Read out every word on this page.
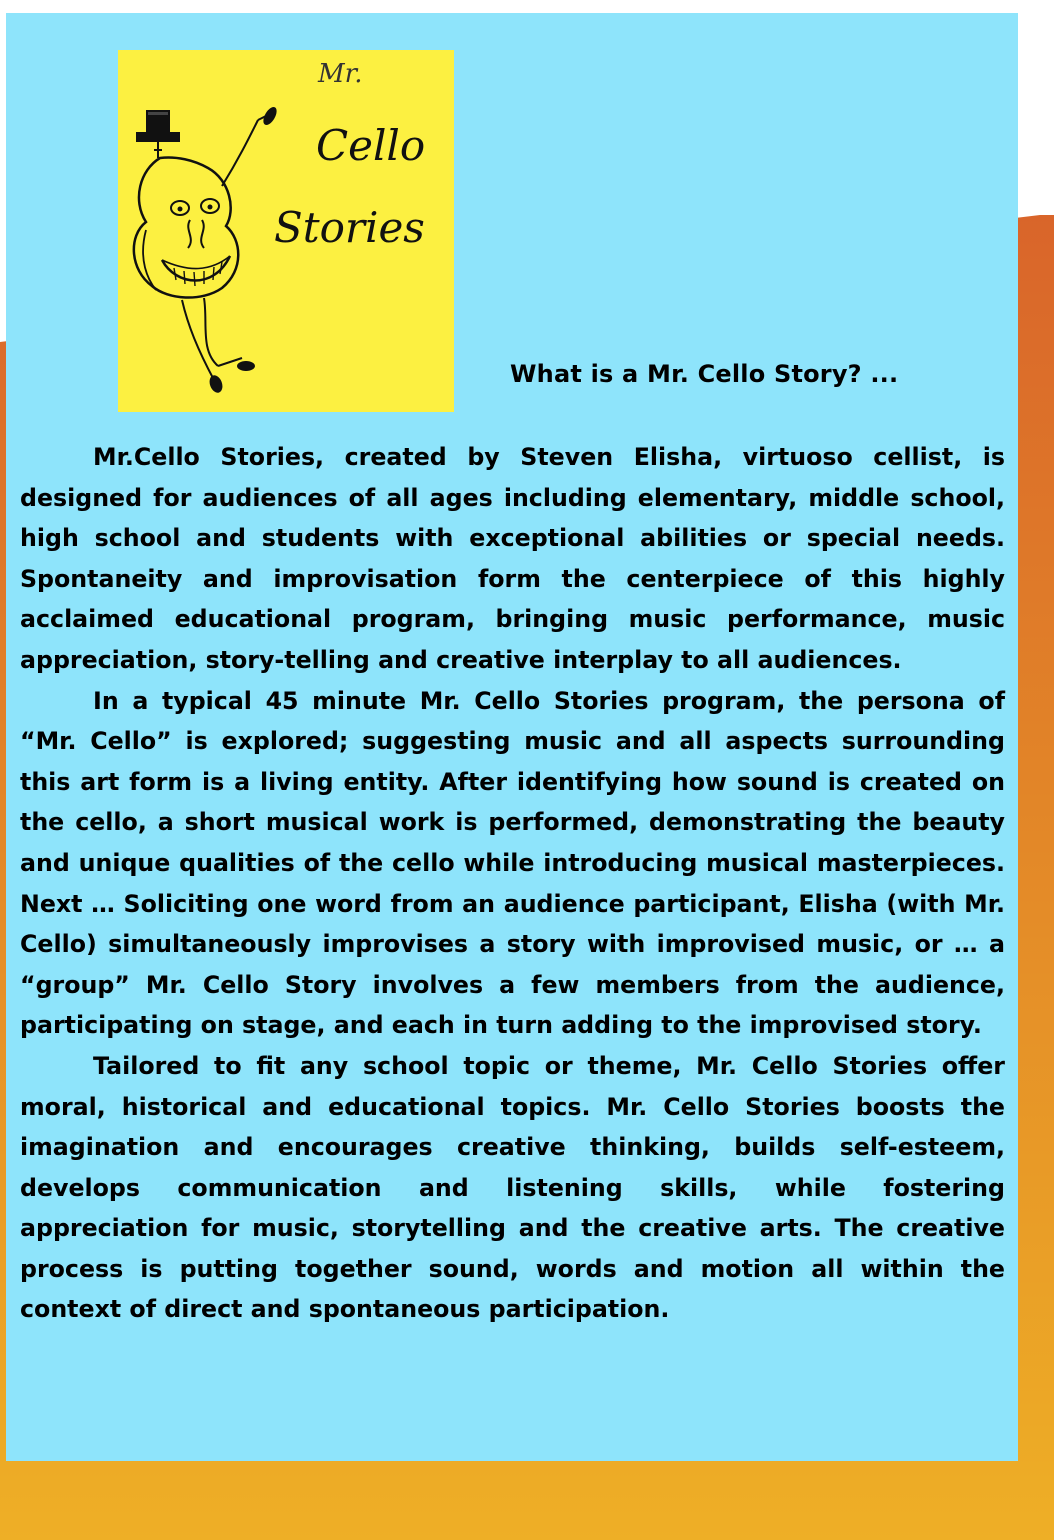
Mr.
Cello
Stories
What is a Mr. Cello Story? ...

Mr.Cello Stories, created by Steven Elisha, virtuoso cellist, is designed for audiences of all ages including elementary, middle school, high school and students with exceptional abilities or special needs. Spontaneity and improvisation form the centerpiece of this highly acclaimed educational program, bringing music performance, music appreciation, story-telling and creative interplay to all audiences.

In a typical 45 minute Mr. Cello Stories program, the persona of “Mr. Cello” is explored; suggesting music and all aspects surrounding this art form is a living entity. After identifying how sound is created on the cello, a short musical work is performed, demonstrating the beauty and unique qualities of the cello while introducing musical masterpieces. Next … Soliciting one word from an audience participant, Elisha (with Mr. Cello) simultaneously improvises a story with improvised music, or … a “group” Mr. Cello Story involves a few members from the audience, participating on stage, and each in turn adding to the improvised story.

Tailored to fit any school topic or theme, Mr. Cello Stories offer moral, historical and educational topics. Mr. Cello Stories boosts the imagination and encourages creative thinking, builds self-esteem, develops communication and listening skills, while fostering appreciation for music, storytelling and the creative arts. The creative process is putting together sound, words and motion all within the context of direct and spontaneous participation.
